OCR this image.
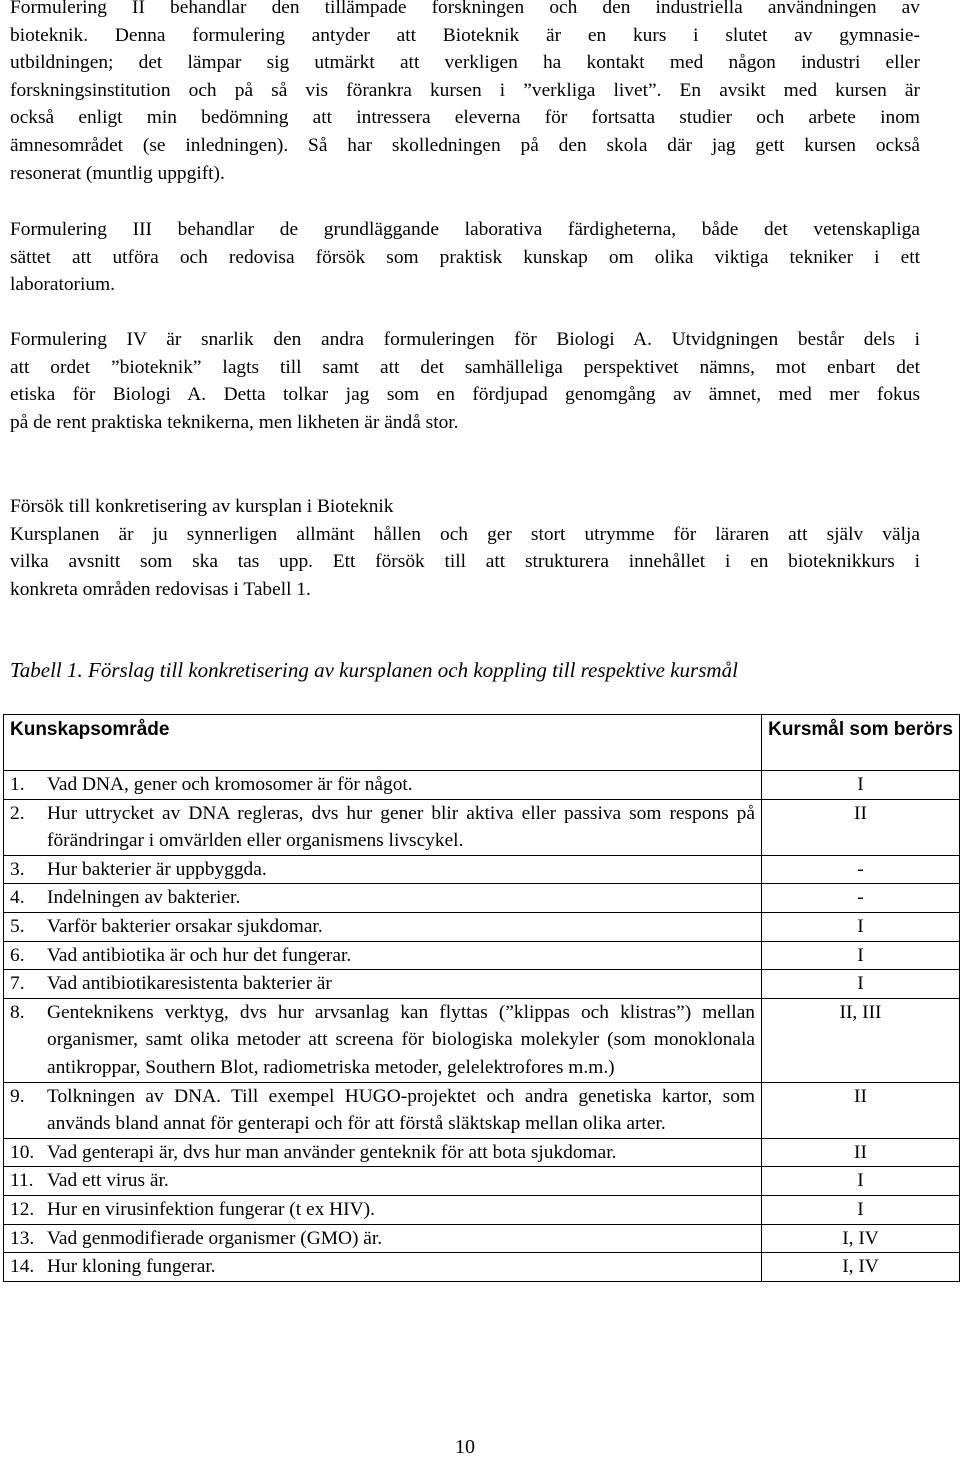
Formulering II behandlar den tillämpade forskningen och den industriella användningen av
bioteknik. Denna formulering antyder att Bioteknik är en kurs i slutet av gymnasie-
utbildningen; det lämpar sig utmärkt att verkligen ha kontakt med någon industri eller
forskningsinstitution och på så vis förankra kursen i ”verkliga livet”. En avsikt med kursen är
också enligt min bedömning att intressera eleverna för fortsatta studier och arbete inom
ämnesområdet (se inledningen). Så har skolledningen på den skola där jag gett kursen också
resonerat (muntlig uppgift).

Formulering III behandlar de grundläggande laborativa färdigheterna, både det vetenskapliga
sättet att utföra och redovisa försök som praktisk kunskap om olika viktiga tekniker i ett
laboratorium.

Formulering IV är snarlik den andra formuleringen för Biologi A. Utvidgningen består dels i
att ordet ”bioteknik” lagts till samt att det samhälleliga perspektivet nämns, mot enbart det
etiska för Biologi A. Detta tolkar jag som en fördjupad genomgång av ämnet, med mer fokus
på de rent praktiska teknikerna, men likheten är ändå stor.

Försök till konkretisering av kursplan i Bioteknik
Kursplanen är ju synnerligen allmänt hållen och ger stort utrymme för läraren att själv välja
vilka avsnitt som ska tas upp. Ett försök till att strukturera innehållet i en bioteknikkurs i
konkreta områden redovisas i Tabell 1.

Tabell 1. Förslag till konkretisering av kursplanen och koppling till respektive kursmål
Kunskapsområde	Kursmål som berörs

1. Vad DNA, gener och kromosomer är för något.	I

2. Hur uttrycket av DNA regleras, dvs hur gener blir aktiva eller passiva som respons på förändringar i omvärlden eller organismens livscykel.	II

3. Hur bakterier är uppbyggda.	-

4. Indelningen av bakterier.	-

5. Varför bakterier orsakar sjukdomar.	I

6. Vad antibiotika är och hur det fungerar.	I

7. Vad antibiotikaresistenta bakterier är	I

8. Genteknikens verktyg, dvs hur arvsanlag kan flyttas (”klippas och klistras”) mellan organismer, samt olika metoder att screena för biologiska molekyler (som monoklonala antikroppar, Southern Blot, radiometriska metoder, gelelektrofores m.m.)	II, III

9. Tolkningen av DNA. Till exempel HUGO-projektet och andra genetiska kartor, som används bland annat för genterapi och för att förstå släktskap mellan olika arter.	II

10. Vad genterapi är, dvs hur man använder genteknik för att bota sjukdomar.	II

11. Vad ett virus är.	I

12. Hur en virusinfektion fungerar (t ex HIV).	I

13. Vad genmodifierade organismer (GMO) är.	I, IV

14. Hur kloning fungerar.	I, IV
10
